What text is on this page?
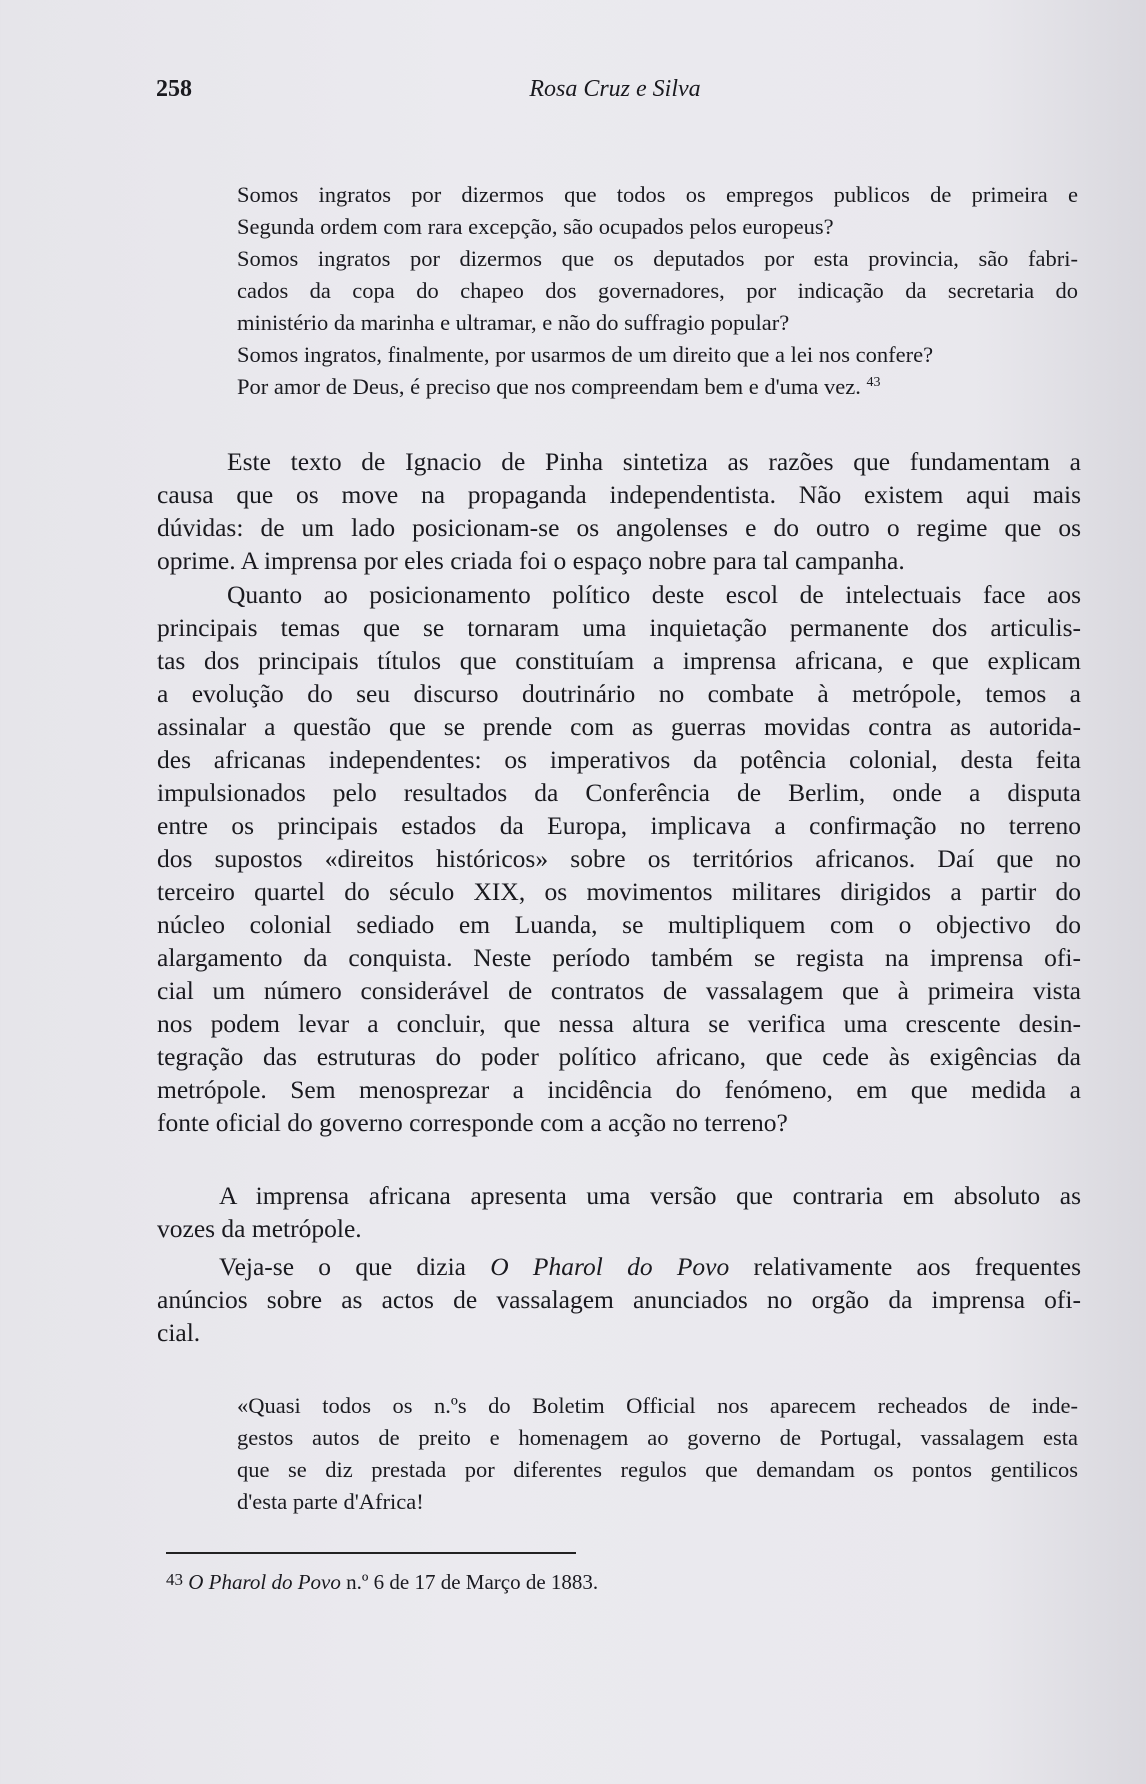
258	Rosa Cruz e Silva
Somos ingratos por dizermos que todos os empregos publicos de primeira e
Segunda ordem com rara excepção, são ocupados pelos europeus?
Somos ingratos por dizermos que os deputados por esta provincia, são fabri-
cados da copa do chapeo dos governadores, por indicação da secretaria do
ministério da marinha e ultramar, e não do suffragio popular?
Somos ingratos, finalmente, por usarmos de um direito que a lei nos confere?
Por amor de Deus, é preciso que nos compreendam bem e d'uma vez. $^{43}$
Este texto de Ignacio de Pinha sintetiza as razões que fundamentam a
causa que os move na propaganda independentista. Não existem aqui mais
dúvidas: de um lado posicionam-se os angolenses e do outro o regime que os
oprime. A imprensa por eles criada foi o espaço nobre para tal campanha.
Quanto ao posicionamento político deste escol de intelectuais face aos
principais temas que se tornaram uma inquietação permanente dos articulis-
tas dos principais títulos que constituíam a imprensa africana, e que explicam
a evolução do seu discurso doutrinário no combate à metrópole, temos a
assinalar a questão que se prende com as guerras movidas contra as autorida-
des africanas independentes: os imperativos da potência colonial, desta feita
impulsionados pelo resultados da Conferência de Berlim, onde a disputa
entre os principais estados da Europa, implicava a confirmação no terreno
dos supostos «direitos históricos» sobre os territórios africanos. Daí que no
terceiro quartel do século XIX, os movimentos militares dirigidos a partir do
núcleo colonial sediado em Luanda, se multipliquem com o objectivo do
alargamento da conquista. Neste período também se regista na imprensa ofi-
cial um número considerável de contratos de vassalagem que à primeira vista
nos podem levar a concluir, que nessa altura se verifica uma crescente desin-
tegração das estruturas do poder político africano, que cede às exigências da
metrópole. Sem menosprezar a incidência do fenómeno, em que medida a
fonte oficial do governo corresponde com a acção no terreno?
A imprensa africana apresenta uma versão que contraria em absoluto as
vozes da metrópole.
Veja-se o que dizia O Pharol do Povo relativamente aos frequentes
anúncios sobre as actos de vassalagem anunciados no orgão da imprensa ofi-
cial.
«Quasi todos os n.ºs do Boletim Official nos aparecem recheados de inde-
gestos autos de preito e homenagem ao governo de Portugal, vassalagem esta
que se diz prestada por diferentes regulos que demandam os pontos gentilicos
d'esta parte d'Africa!
$^{43}$ O Pharol do Povo n.º 6 de 17 de Março de 1883.
